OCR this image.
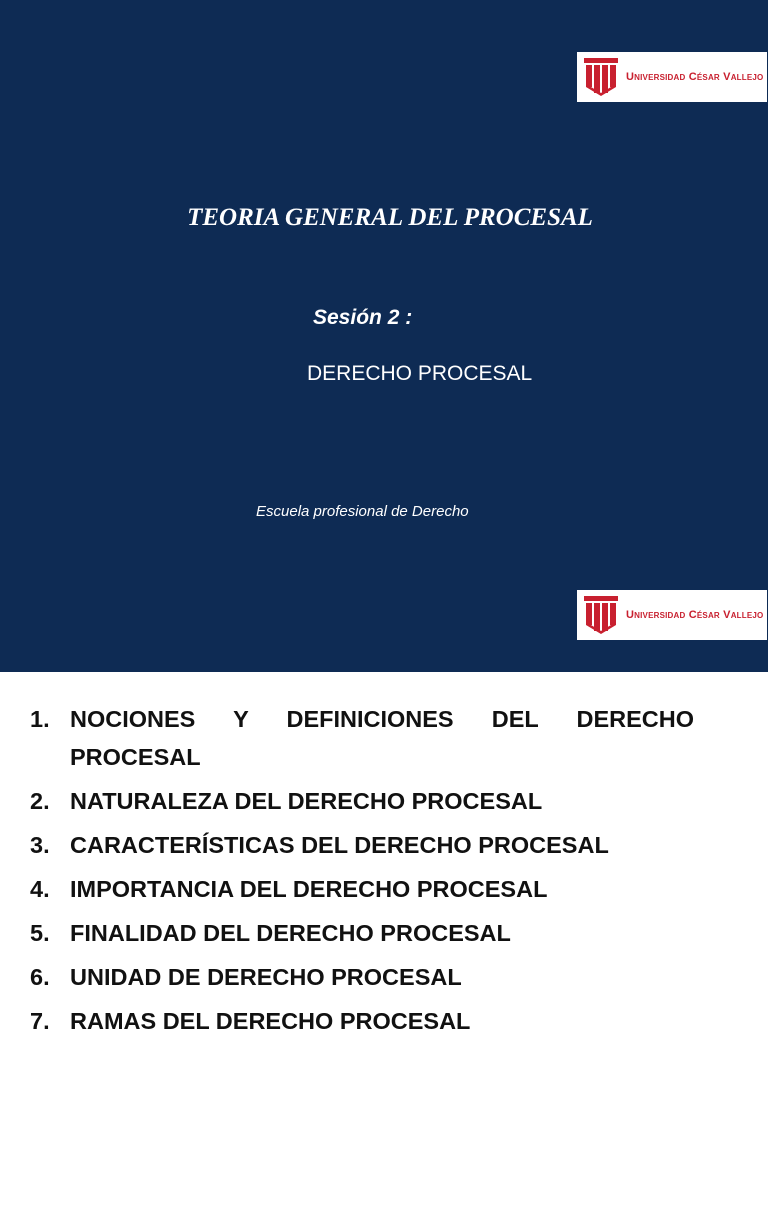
Universidad César Vallejo
TEORIA GENERAL DEL PROCESAL
Sesión 2 :
DERECHO PROCESAL
Escuela profesional de Derecho
TEMARIO
Universidad César Vallejo
1. NOCIONES Y DEFINICIONES DEL DERECHO PROCESAL
2. NATURALEZA DEL DERECHO PROCESAL
3. CARACTERÍSTICAS DEL DERECHO PROCESAL
4. IMPORTANCIA DEL DERECHO PROCESAL
5. FINALIDAD DEL DERECHO PROCESAL
6. UNIDAD DE DERECHO PROCESAL
7. RAMAS DEL DERECHO PROCESAL
